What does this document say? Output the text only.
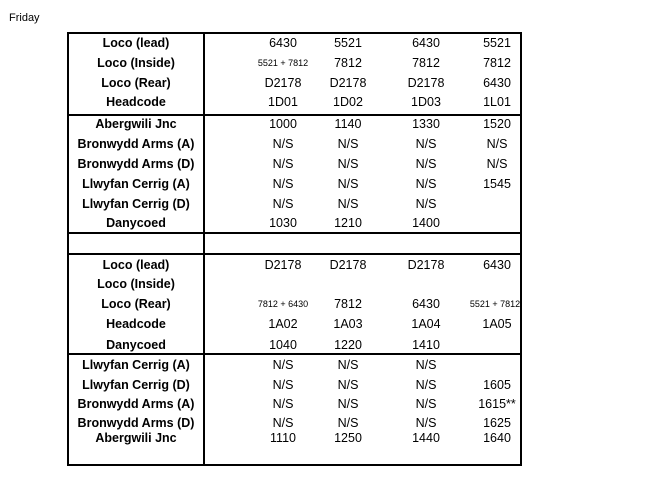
Friday
Loco (lead)	6430	5521	6430	5521
Loco (Inside)	5521 + 7812	7812	7812	7812
Loco (Rear)	D2178	D2178	D2178	6430
Headcode	1D01	1D02	1D03	1L01
Abergwili Jnc	1000	1140	1330	1520
Bronwydd Arms (A)	N/S	N/S	N/S	N/S
Bronwydd Arms (D)	N/S	N/S	N/S	N/S
Llwyfan Cerrig (A)	N/S	N/S	N/S	1545
Llwyfan Cerrig (D)	N/S	N/S	N/S
Danycoed	1030	1210	1400
Loco (lead)	D2178	D2178	D2178	6430
Loco (Inside)
Loco (Rear)	7812 + 6430	7812	6430	5521 + 7812
Headcode	1A02	1A03	1A04	1A05
Danycoed	1040	1220	1410
Llwyfan Cerrig (A)	N/S	N/S	N/S
Llwyfan Cerrig (D)	N/S	N/S	N/S	1605
Bronwydd Arms (A)	N/S	N/S	N/S	1615**
Bronwydd Arms (D)	N/S	N/S	N/S	1625
Abergwili Jnc	1110	1250	1440	1640
